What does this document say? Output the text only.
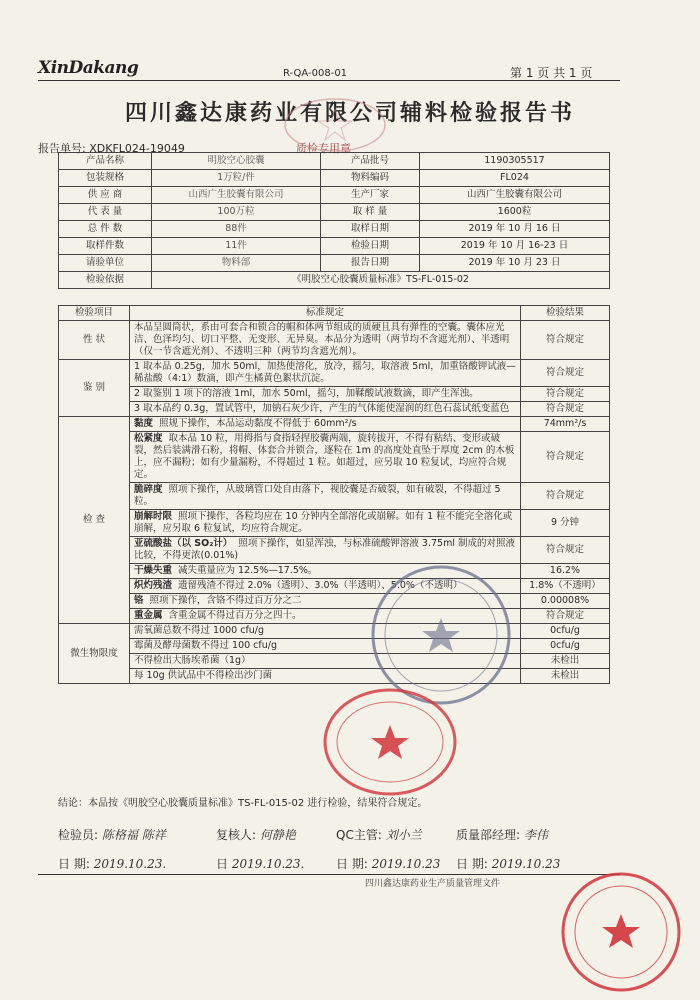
XinDakang	R-QA-008-01	第 1 页 共 1 页
四川鑫达康药业有限公司辅料检验报告书
报告单号: XDKFL024-19049	质检专用章
产品名称	明胶空心胶囊	产品批号	1190305517
包装规格	1万粒/件	物料编码	FL024
供 应 商	山西广生胶囊有限公司	生产厂家	山西广生胶囊有限公司
代 表 量	100万粒	取 样 量	1600粒
总 件 数	88件	取样日期	2019 年 10 月 16 日
取样件数	11件	检验日期	2019 年 10 月 16-23 日
请验单位	物料部	报告日期	2019 年 10 月 23 日
检验依据	《明胶空心胶囊质量标准》TS-FL-015-02		
检验项目	标准规定	检验结果
性 状	本品呈圆筒状，系由可套合和锁合的帽和体两节组成的质硬且具有弹性的空囊。囊体应光洁、色泽均匀、切口平整、无变形、无异臭。本品分为透明（两节均不含遮光剂）、半透明（仅一节含遮光剂）、不透明三种（两节均含遮光剂）。	符合规定
鉴 别	1 取本品 0.25g，加水 50ml，加热使溶化，放冷，摇匀，取溶液 5ml，加重铬酸钾试液—稀盐酸（4:1）数滴，即产生橘黄色絮状沉淀。	符合规定
	2 取鉴别 1 项下的溶液 1ml，加水 50ml，摇匀，加鞣酸试液数滴，即产生浑浊。	符合规定
	3 取本品约 0.3g，置试管中，加钠石灰少许，产生的气体能使湿润的红色石蕊试纸变蓝色	符合规定
检 查	黏度 照规下操作，本品运动黏度不得低于 60mm²/s	74mm²/s
	松紧度 取本品 10 粒，用拇指与食指轻捏胶囊两端，旋转拔开，不得有粘结、变形或破裂，然后装满滑石粉，将帽、体套合并锁合，逐粒在 1m 的高度处直坠于厚度 2cm 的木板上，应不漏粉；如有少量漏粉，不得超过 1 粒。如超过，应另取 10 粒复试，均应符合规定。	符合规定
	脆碎度 照项下操作，从玻璃管口处自由落下，视胶囊是否破裂，如有破裂，不得超过 5 粒。	符合规定
	崩解时限 照项下操作，各粒均应在 10 分钟内全部溶化或崩解。如有 1 粒不能完全溶化或崩解，应另取 6 粒复试，均应符合规定。	9 分钟
	亚硫酸盐（以 SO₂计） 照项下操作，如显浑浊，与标准硫酸钾溶液 3.75ml 制成的对照液比较，不得更浓(0.01%)	符合规定
	干燥失重 减失重量应为 12.5%—17.5%。	16.2%
	炽灼残渣 遗留残渣不得过 2.0%（透明）、3.0%（半透明）、5.0%（不透明）	1.8%（不透明）
	铬 照项下操作，含铬不得过百万分之二	0.00008%
	重金属 含重金属不得过百万分之四十。	符合规定
微生物限度	需氧菌总数不得过 1000 cfu/g	0cfu/g
	霉菌及酵母菌数不得过 100 cfu/g	0cfu/g
	不得检出大肠埃希菌（1g）	未检出
	每 10g 供试品中不得检出沙门菌	未检出
结论：本品按《明胶空心胶囊质量标准》TS-FL-015-02 进行检验，结果符合规定。
检验员: 陈格福 陈祥	复核人: 何静艳	QC主管: 刘小兰	质量部经理: 李伟
日 期: 2019.10.23.	日 2019.10.23.	日 期: 2019.10.23 日 期: 2019.10.23
四川鑫达康药业生产质量管理文件
